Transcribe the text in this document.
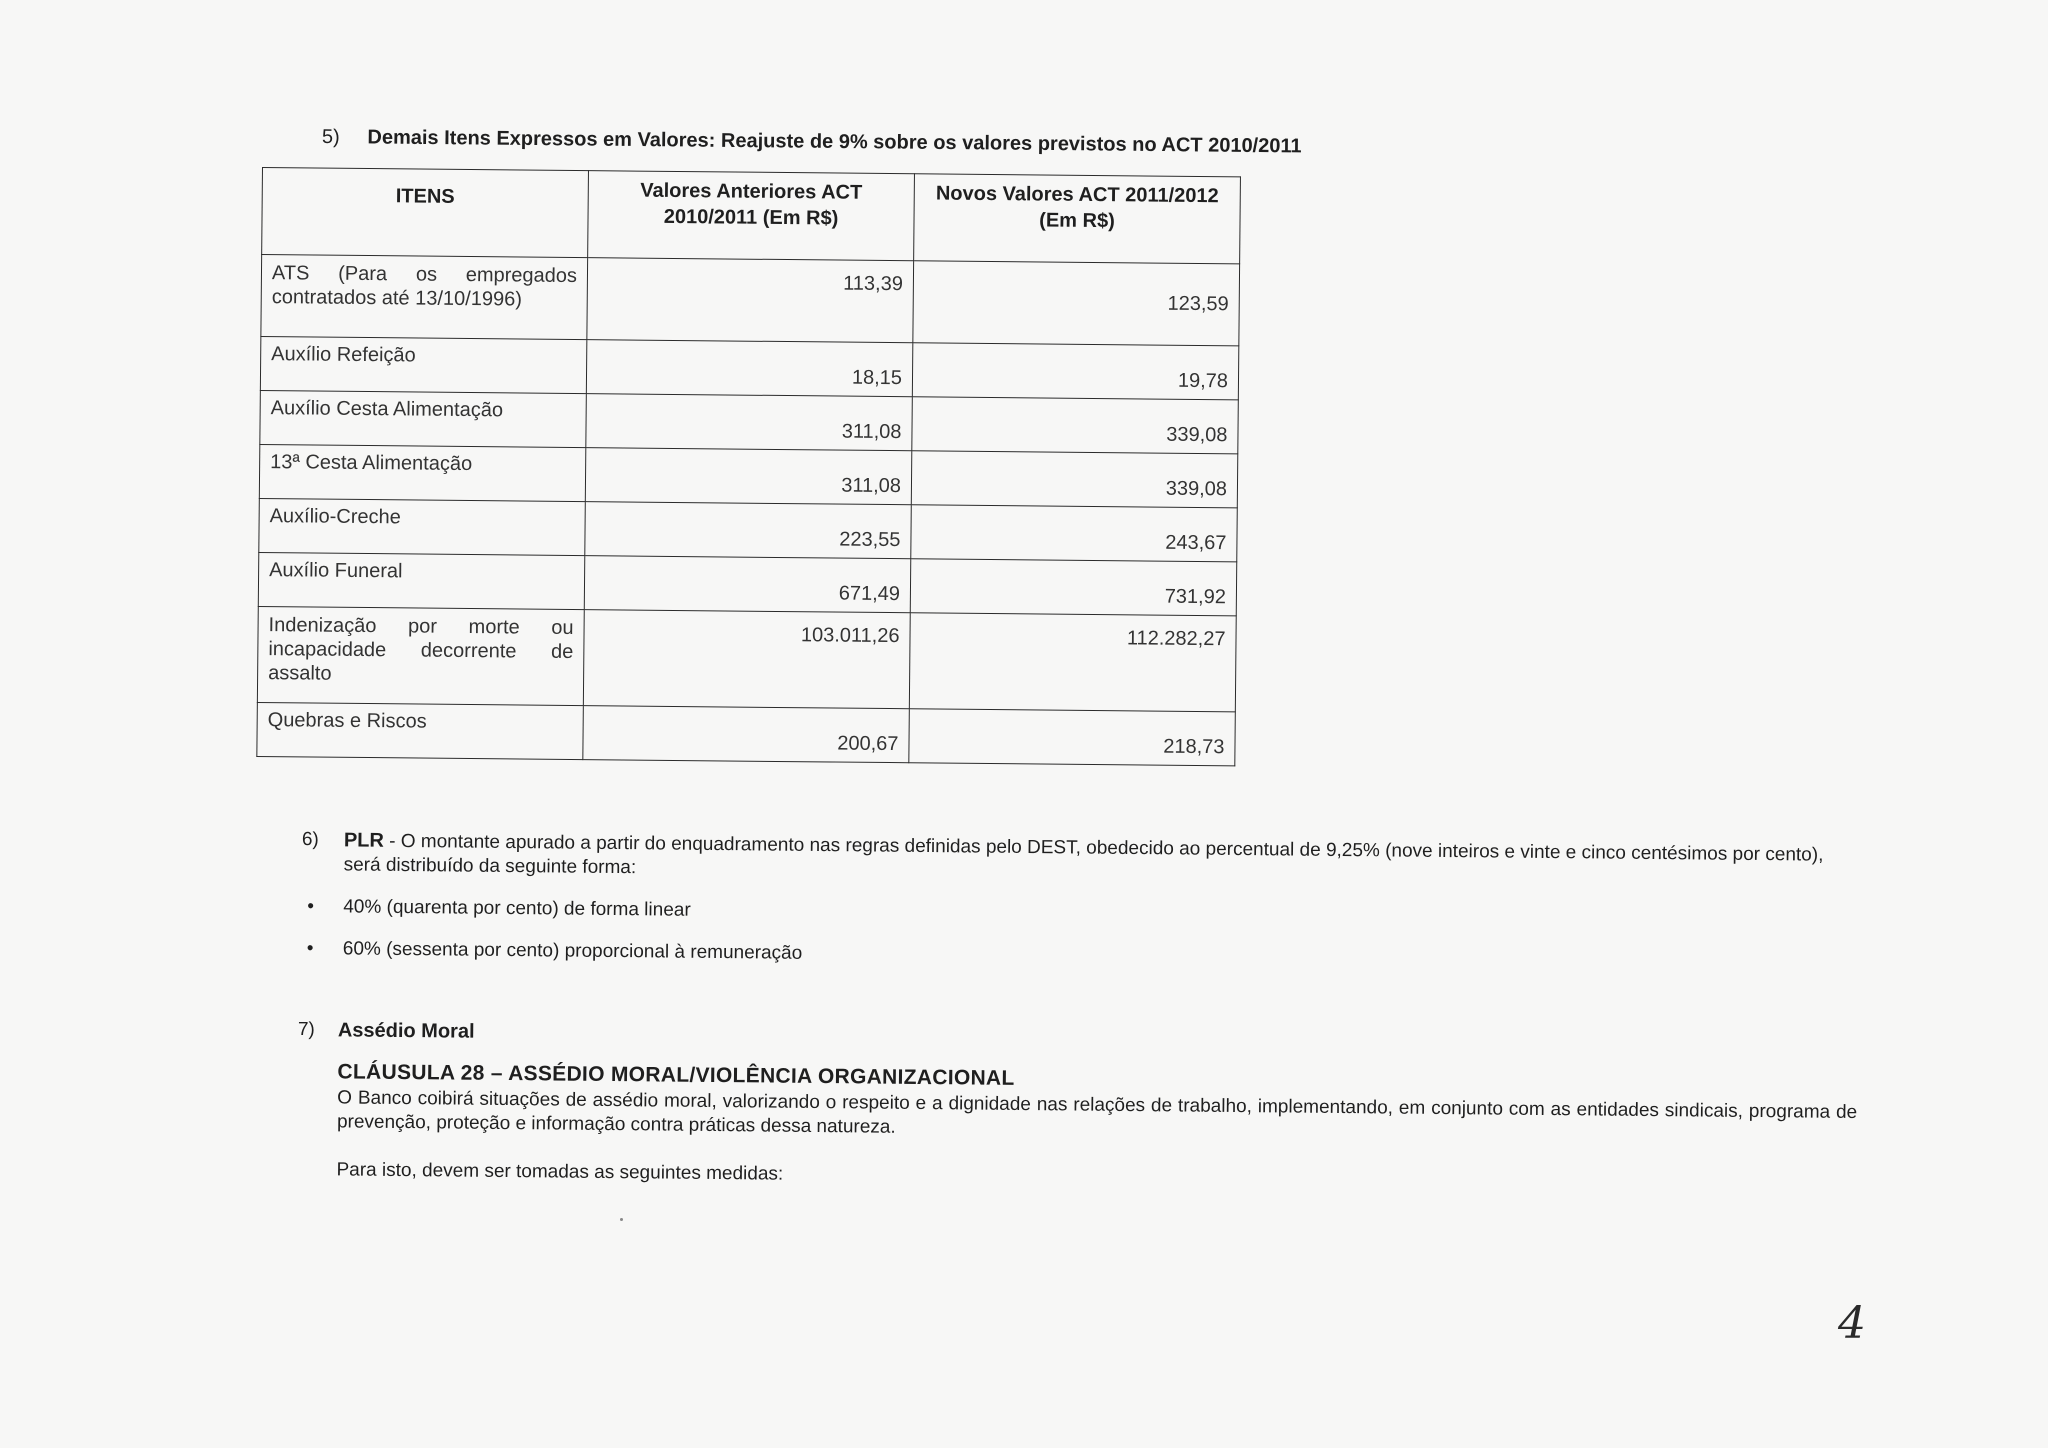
5) Demais Itens Expressos em Valores: Reajuste de 9% sobre os valores previstos no ACT 2010/2011
ITENS	Valores Anteriores ACT 2010/2011 (Em R$)	Novos Valores ACT 2011/2012 (Em R$)
ATS (Para os empregados contratados até 13/10/1996)	113,39	123,59
Auxílio Refeição	18,15	19,78
Auxílio Cesta Alimentação	311,08	339,08
13ª Cesta Alimentação	311,08	339,08
Auxílio-Creche	223,55	243,67
Auxílio Funeral	671,49	731,92
Indenização por morte ou incapacidade decorrente de assalto	103.011,26	112.282,27
Quebras e Riscos	200,67	218,73
6) PLR - O montante apurado a partir do enquadramento nas regras definidas pelo DEST, obedecido ao percentual de 9,25% (nove inteiros e vinte e cinco centésimos por cento), será distribuído da seguinte forma:
• 40% (quarenta por cento) de forma linear
• 60% (sessenta por cento) proporcional à remuneração
7) Assédio Moral
CLÁUSULA 28 – ASSÉDIO MORAL/VIOLÊNCIA ORGANIZACIONAL
O Banco coibirá situações de assédio moral, valorizando o respeito e a dignidade nas relações de trabalho, implementando, em conjunto com as entidades sindicais, programa de prevenção, proteção e informação contra práticas dessa natureza.
Para isto, devem ser tomadas as seguintes medidas:
4
